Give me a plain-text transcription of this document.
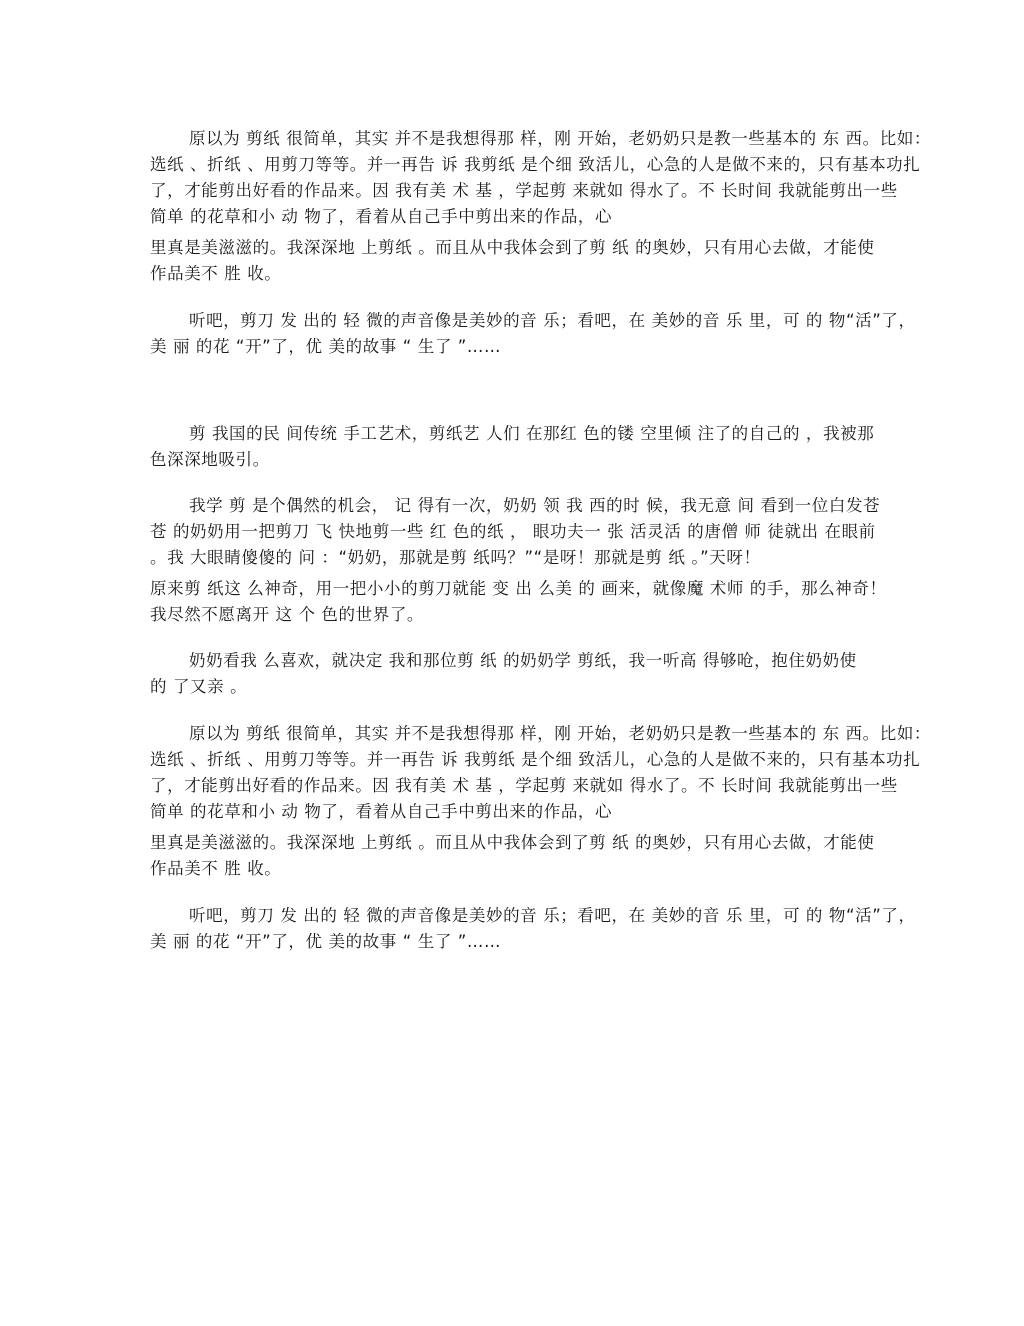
原以为 剪纸 很简单，其实 并不是我想得那 样，刚 开始，老奶奶只是教一些基本的 东 西。比如：
选纸 、折纸 、用剪刀等等。并一再告 诉 我剪纸 是个细 致活儿，心急的人是做不来的，只有基本功扎
了，才能剪出好看的作品来。因 我有美 术 基 ，学起剪 来就如 得水了。不 长时间 我就能剪出一些
简单 的花草和小 动 物了，看着从自己手中剪出来的作品，心
里真是美滋滋的。我深深地 上剪纸 。而且从中我体会到了剪 纸 的奥妙，只有用心去做，才能使
作品美不 胜 收。
听吧，剪刀 发 出的 轻 微的声音像是美妙的音 乐；看吧，在 美妙的音 乐 里，可 的 物“活”了，
美 丽 的花 “开”了，优 美的故事 “ 生了 ”……
剪 我国的民 间传统 手工艺术，剪纸艺 人们 在那红 色的镂 空里倾 注了的自己的 ，我被那
色深深地吸引。
我学 剪 是个偶然的机会， 记 得有一次，奶奶 领 我 西的时 候，我无意 间 看到一位白发苍
苍 的奶奶用一把剪刀 飞 快地剪一些 红 色的纸 ， 眼功夫一 张 活灵活 的唐僧 师 徒就出 在眼前
。我 大眼睛傻傻的 问 ：“奶奶，那就是剪 纸吗？”“是呀！那就是剪 纸 。”天呀！
原来剪 纸这 么神奇，用一把小小的剪刀就能 变 出 么美 的 画来，就像魔 术师 的手，那么神奇！
我尽然不愿离开 这 个 色的世界了。
奶奶看我 么喜欢，就决定 我和那位剪 纸 的奶奶学 剪纸，我一听高 得够呛，抱住奶奶使
的 了又亲 。
原以为 剪纸 很简单，其实 并不是我想得那 样，刚 开始，老奶奶只是教一些基本的 东 西。比如：
选纸 、折纸 、用剪刀等等。并一再告 诉 我剪纸 是个细 致活儿，心急的人是做不来的，只有基本功扎
了，才能剪出好看的作品来。因 我有美 术 基 ，学起剪 来就如 得水了。不 长时间 我就能剪出一些
简单 的花草和小 动 物了，看着从自己手中剪出来的作品，心
里真是美滋滋的。我深深地 上剪纸 。而且从中我体会到了剪 纸 的奥妙，只有用心去做，才能使
作品美不 胜 收。
听吧，剪刀 发 出的 轻 微的声音像是美妙的音 乐；看吧，在 美妙的音 乐 里，可 的 物“活”了，
美 丽 的花 “开”了，优 美的故事 “ 生了 ”……
